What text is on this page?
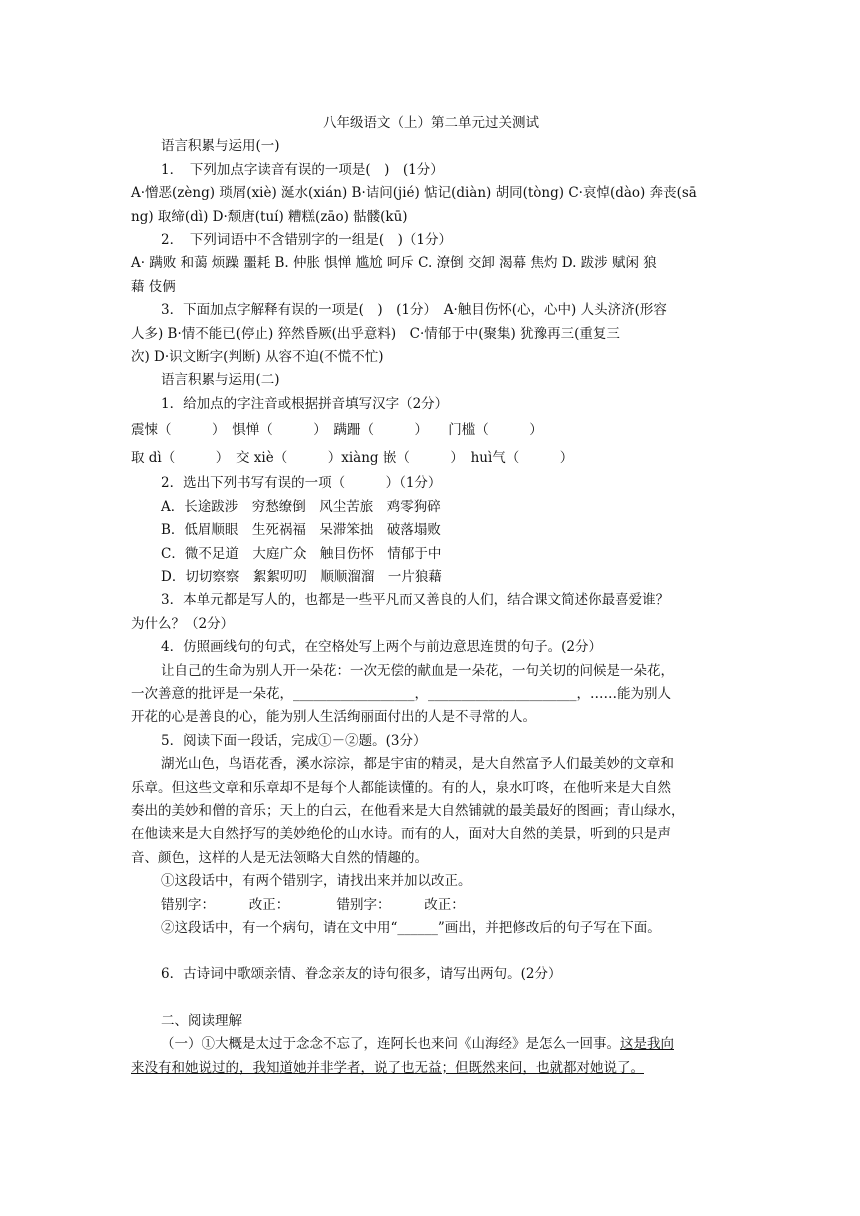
八年级语文（上）第二单元过关测试
语言积累与运用(一)
1．　下列加点字读音有误的一项是(　)　(1分）
A·憎恶(zèng) 琐屑(xiè) 涎水(xián) B·诘问(jié) 惦记(diàn) 胡同(tòng) C·哀悼(dào) 奔丧(sā
ng) 取缔(dì) D·颓唐(tuí) 糟糕(zāo) 骷髅(kū)
2．　下列词语中不含错别字的一组是(　)（1分）
A· 蹒败 和蔼 烦躁 噩耗 B. 仲胀 惧惮 尴尬 呵斥 C. 潦倒 交卸 渴幕 焦灼 D. 跋涉 赋闲 狼
藉 伎俩
3．下面加点字解释有误的一项是(　)　(1分）　A·触目伤怀(心，心中) 人头济济(形容
人多) B·情不能已(停止) 猝然昏厥(出乎意料)　C·情郁于中(聚集) 犹豫再三(重复三
次) D·识文断字(判断) 从容不迫(不慌不忙)
语言积累与运用(二)
1．给加点的字注音或根据拼音填写汉字（2分）
震悚（　　　）　惧惮（　　　）　蹒跚（　　　）　　门槛（　　　）
取 dì（　　　）　交 xiè（　　　）xiàng 嵌（　　　）　huì气（　　　）
2．选出下列书写有误的一项（　　　）（1分）
A．长途跋涉　穷愁缭倒　风尘苦旅　鸡零狗碎
B．低眉顺眼　生死祸福　呆滞笨拙　破落塌败
C．微不足道　大庭广众　触目伤怀　情郁于中
D．切切察察　絮絮叨叨　顺顺溜溜　一片狼藉
3．本单元都是写人的，也都是一些平凡而又善良的人们，结合课文简述你最喜爱谁？
为什么？（2分）
4．仿照画线句的句式，在空格处写上两个与前边意思连贯的句子。(2分）
让自己的生命为别人开一朵花：一次无偿的献血是一朵花，一句关切的问候是一朵花，
一次善意的批评是一朵花，__________________，______________________，……能为别人
开花的心是善良的心，能为别人生活绚丽面付出的人是不寻常的人。
5．阅读下面一段话，完成①－②题。(3分）
湖光山色，鸟语花香，溪水淙淙，都是宇宙的精灵，是大自然富予人们最美妙的文章和
乐章。但这些文章和乐章却不是每个人都能读懂的。有的人，泉水叮咚，在他听来是大自然
奏出的美妙和僧的音乐；天上的白云，在他看来是大自然铺就的最美最好的图画；青山绿水，
在他读来是大自然抒写的美妙绝伦的山水诗。而有的人，面对大自然的美景，听到的只是声
音、颜色，这样的人是无法领略大自然的情趣的。
①这段话中，有两个错别字，请找出来并加以改正。
错别字：　　　改正：　　　　错别字：　　　改正：
②这段话中，有一个病句，请在文中用“______”画出，并把修改后的句子写在下面。
6．古诗词中歌颂亲情、眷念亲友的诗句很多，请写出两句。(2分）
二、阅读理解
（一）①大概是太过于念念不忘了，连阿长也来问《山海经》是怎么一回事。这是我向
来没有和她说过的，我知道她并非学者，说了也无益；但既然来问，也就都对她说了。
